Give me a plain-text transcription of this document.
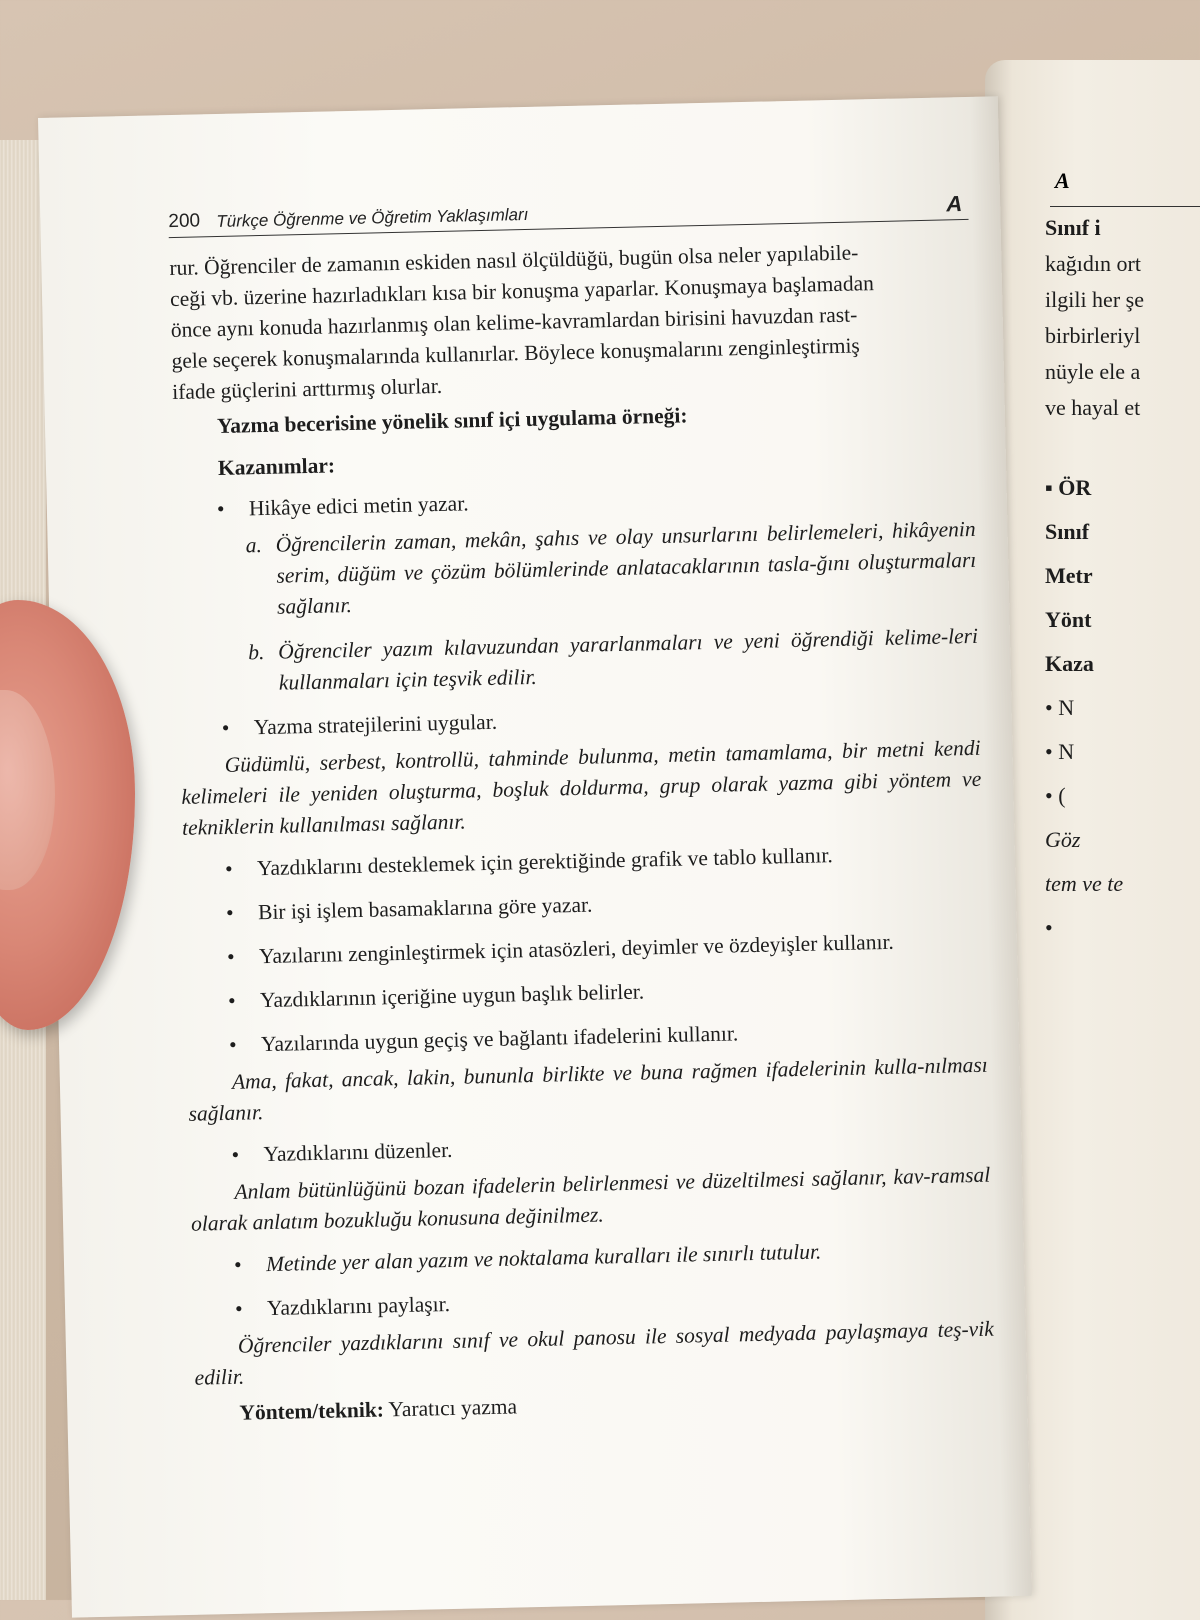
A
Sınıf i
kağıdın ort
ilgili her şe
birbirleriyl
nüyle ele a
ve hayal et

▪ ÖR
Sınıf
Metr
Yönt
Kaza
• N
• N
• (
Göz
tem ve te
•
200 Türkçe Öğrenme ve Öğretim Yaklaşımları
A
rur. Öğrenciler de zamanın eskiden nasıl ölçüldüğü, bugün olsa neler yapılabile-
ceği vb. üzerine hazırladıkları kısa bir konuşma yaparlar. Konuşmaya başlamadan
önce aynı konuda hazırlanmış olan kelime-kavramlardan birisini havuzdan rast-
gele seçerek konuşmalarında kullanırlar. Böylece konuşmalarını zenginleştirmiş
ifade güçlerini arttırmış olurlar.
Yazma becerisine yönelik sınıf içi uygulama örneği:
Kazanımlar:
• Hikâye edici metin yazar.
a. Öğrencilerin zaman, mekân, şahıs ve olay unsurlarını belirlemeleri, hikâyenin serim, düğüm ve çözüm bölümlerinde anlatacaklarının tasla-ğını oluşturmaları sağlanır.
b. Öğrenciler yazım kılavuzundan yararlanmaları ve yeni öğrendiği kelime-leri kullanmaları için teşvik edilir.
• Yazma stratejilerini uygular.
Güdümlü, serbest, kontrollü, tahminde bulunma, metin tamamlama, bir metni kendi kelimeleri ile yeniden oluşturma, boşluk doldurma, grup olarak yazma gibi yöntem ve tekniklerin kullanılması sağlanır.
• Yazdıklarını desteklemek için gerektiğinde grafik ve tablo kullanır.
• Bir işi işlem basamaklarına göre yazar.
• Yazılarını zenginleştirmek için atasözleri, deyimler ve özdeyişler kullanır.
• Yazdıklarının içeriğine uygun başlık belirler.
• Yazılarında uygun geçiş ve bağlantı ifadelerini kullanır.
Ama, fakat, ancak, lakin, bununla birlikte ve buna rağmen ifadelerinin kulla-nılması sağlanır.
• Yazdıklarını düzenler.
Anlam bütünlüğünü bozan ifadelerin belirlenmesi ve düzeltilmesi sağlanır, kav-ramsal olarak anlatım bozukluğu konusuna değinilmez.
• Metinde yer alan yazım ve noktalama kuralları ile sınırlı tutulur.
• Yazdıklarını paylaşır.
Öğrenciler yazdıklarını sınıf ve okul panosu ile sosyal medyada paylaşmaya teş-vik edilir.
Yöntem/teknik: Yaratıcı yazma
